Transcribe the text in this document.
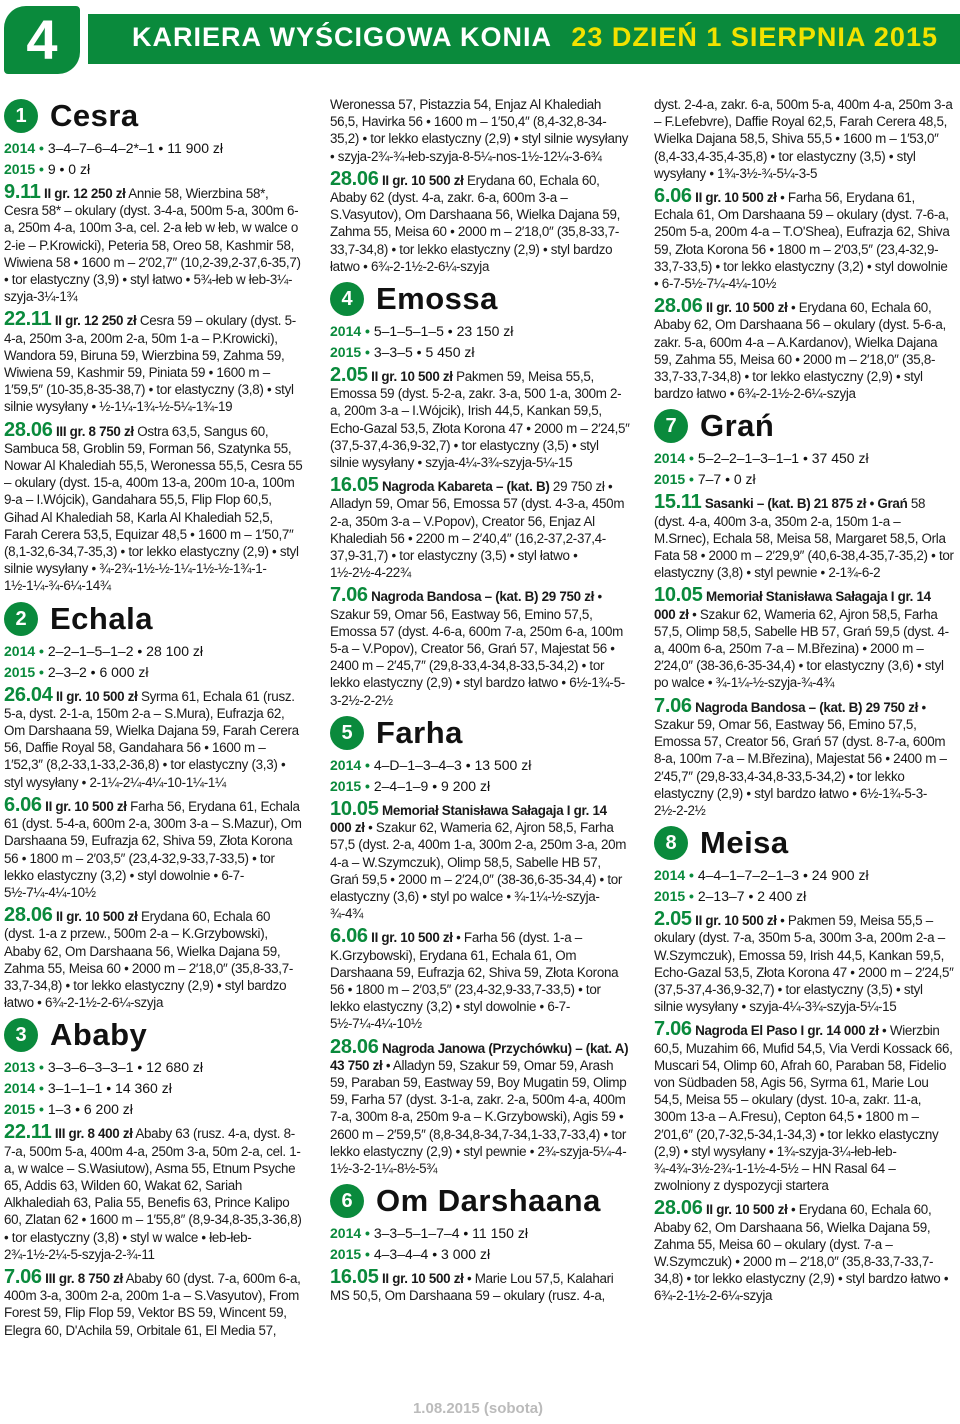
4	KARIERA WYŚCIGOWA KONIA 23 DZIEŃ 1 SIERPNIA 2015
1 Cesra
2014 • 3–4–7–6–4–2*–1 • 11 900 zł
2015 • 9 • 0 zł
9.11 II gr. 12 250 zł Annie 58, Wierzbina 58*, Cesra 58* – okulary (dyst. 3-4-a, 500m 5-a, 300m 6-a, 250m 4-a, 100m 3-a, cel. 2-a łeb w łeb, w walce o 2-ie – P.Krowicki), Peteria 58, Oreo 58, Kashmir 58, Wiwiena 58 • 1600 m – 2′02,7″ (10,2-39,2-37,6-35,7) • tor elastyczny (3,9) • styl łatwo • 5¾-łeb w łeb-3¼-szyja-3¼-1¾
22.11 II gr. 12 250 zł Cesra 59 – okulary (dyst. 5-4-a, 250m 3-a, 200m 2-a, 50m 1-a – P.Krowicki), Wandora 59, Biruna 59, Wierzbina 59, Zahma 59, Wiwiena 59, Kashmir 59, Piniata 59 • 1600 m – 1′59,5″ (10-35,8-35-38,7) • tor elastyczny (3,8) • styl silnie wysyłany • ½-1¼-1¾-½-5¼-1¾-19
28.06 III gr. 8 750 zł Ostra 63,5, Sangus 60, Sambuca 58, Groblin 59, Forman 56, Szatynka 55, Nowar Al Khalediah 55,5, Weronessa 55,5, Cesra 55 – okulary (dyst. 15-a, 400m 13-a, 200m 10-a, 100m 9-a – I.Wójcik), Gandahara 55,5, Flip Flop 60,5, Gihad Al Khalediah 58, Karla Al Khalediah 52,5, Farah Cerera 53,5, Equizar 48,5 • 1600 m – 1′50,7″ (8,1-32,6-34,7-35,3) • tor lekko elastyczny (2,9) • styl silnie wysyłany • ¾-2¾-1½-½-1¼-1½-½-1¾-1-1½-1¼-¾-6¼-14¾
2 Echala
2014 • 2–2–1–5–1–2 • 28 100 zł
2015 • 2–3–2 • 6 000 zł
26.04 II gr. 10 500 zł Syrma 61, Echala 61 (rusz. 5-a, dyst. 2-1-a, 150m 2-a – S.Mura), Eufrazja 62, Om Darshaana 59, Wielka Dajana 59, Farah Cerera 56, Daffie Royal 58, Gandahara 56 • 1600 m – 1′52,3″ (8,2-33,1-33,2-36,8) • tor elastyczny (3,3) • styl wysyłany • 2-1¼-2¼-4¼-10-1¼-1¼
6.06 II gr. 10 500 zł Farha 56, Erydana 61, Echala 61 (dyst. 5-4-a, 600m 2-a, 300m 3-a – S.Mazur), Om Darshaana 59, Eufrazja 62, Shiva 59, Złota Korona 56 • 1800 m – 2′03,5″ (23,4-32,9-33,7-33,5) • tor lekko elastyczny (3,2) • styl dowolnie • 6-7-5½-7¼-4¼-10½
28.06 II gr. 10 500 zł Erydana 60, Echala 60 (dyst. 1-a z przew., 500m 2-a – K.Grzybowski), Ababy 62, Om Darshaana 56, Wielka Dajana 59, Zahma 55, Meisa 60 • 2000 m – 2′18,0″ (35,8-33,7-33,7-34,8) • tor lekko elastyczny (2,9) • styl bardzo łatwo • 6¾-2-1½-2-6¼-szyja
3 Ababy
2013 • 3–3–6–3–3–1 • 12 680 zł
2014 • 3–1–1–1 • 14 360 zł
2015 • 1–3 • 6 200 zł
22.11 III gr. 8 400 zł Ababy 63 (rusz. 4-a, dyst. 8-7-a, 500m 5-a, 400m 4-a, 250m 3-a, 50m 2-a, cel. 1-a, w walce – S.Wasiutow), Asma 55, Etnum Psyche 65, Addis 63, Wilden 60, Wakat 62, Sariah Alkhalediah 63, Palia 55, Benefis 63, Prince Kalipo 60, Zlatan 62 • 1600 m – 1′55,8″ (8,9-34,8-35,3-36,8) • tor elastyczny (3,8) • styl w walce • łeb-łeb-2¾-1½-2¼-5-szyja-2-¾-11
7.06 III gr. 8 750 zł Ababy 60 (dyst. 7-a, 600m 6-a, 400m 3-a, 300m 2-a, 200m 1-a – S.Vasyutov), From Forest 59, Flip Flop 59, Vektor BS 59, Wincent 59, Elegra 60, D'Achila 59, Orbitale 61, El Media 57,
Weronessa 57, Pistazzia 54, Enjaz Al Khalediah 56,5, Havirka 56 • 1600 m – 1′50,4″ (8,4-32,8-34-35,2) • tor lekko elastyczny (2,9) • styl silnie wysyłany • szyja-2¾-¾-łeb-szyja-8-5¼-nos-1½-12¼-3-6¾
28.06 II gr. 10 500 zł Erydana 60, Echala 60, Ababy 62 (dyst. 4-a, zakr. 6-a, 600m 3-a – S.Vasyutov), Om Darshaana 56, Wielka Dajana 59, Zahma 55, Meisa 60 • 2000 m – 2′18,0″ (35,8-33,7-33,7-34,8) • tor lekko elastyczny (2,9) • styl bardzo łatwo • 6¾-2-1½-2-6¼-szyja
4 Emossa
2014 • 5–1–5–1–5 • 23 150 zł
2015 • 3–3–5 • 5 450 zł
2.05 II gr. 10 500 zł Pakmen 59, Meisa 55,5, Emossa 59 (dyst. 5-2-a, zakr. 3-a, 500 1-a, 300m 2-a, 200m 3-a – I.Wójcik), Irish 44,5, Kankan 59,5, Echo-Gazal 53,5, Złota Korona 47 • 2000 m – 2′24,5″ (37,5-37,4-36,9-32,7) • tor elastyczny (3,5) • styl silnie wysyłany • szyja-4¼-3¾-szyja-5¼-15
16.05 Nagroda Kabareta – (kat. B) 29 750 zł • Alladyn 59, Omar 56, Emossa 57 (dyst. 4-3-a, 450m 2-a, 350m 3-a – V.Popov), Creator 56, Enjaz Al Khalediah 56 • 2200 m – 2′40,4″ (16,2-37,2-37,4-37,9-31,7) • tor elastyczny (3,5) • styl łatwo • 1½-2½-4-22¾
7.06 Nagroda Bandosa – (kat. B) 29 750 zł • Szakur 59, Omar 56, Eastway 56, Emino 57,5, Emossa 57 (dyst. 4-6-a, 600m 7-a, 250m 6-a, 100m 5-a – V.Popov), Creator 56, Grań 57, Majestat 56 • 2400 m – 2′45,7″ (29,8-33,4-34,8-33,5-34,2) • tor lekko elastyczny (2,9) • styl bardzo łatwo • 6½-1¾-5-3-2½-2-2½
5 Farha
2014 • 4–D–1–3–4–3 • 13 500 zł
2015 • 2–4–1–9 • 9 200 zł
10.05 Memoriał Stanisława Sałagaja I gr. 14 000 zł • Szakur 62, Wameria 62, Ajron 58,5, Farha 57,5 (dyst. 2-a, 400m 1-a, 300m 2-a, 250m 3-a, 20m 4-a – W.Szymczuk), Olimp 58,5, Sabelle HB 57, Grań 59,5 • 2000 m – 2′24,0″ (38-36,6-35-34,4) • tor elastyczny (3,6) • styl po walce • ¾-1¼-½-szyja-¾-4¾
6.06 II gr. 10 500 zł • Farha 56 (dyst. 1-a – K.Grzybowski), Erydana 61, Echala 61, Om Darshaana 59, Eufrazja 62, Shiva 59, Złota Korona 56 • 1800 m – 2′03,5″ (23,4-32,9-33,7-33,5) • tor lekko elastyczny (3,2) • styl dowolnie • 6-7-5½-7¼-4¼-10½
28.06 Nagroda Janowa (Przychówku) – (kat. A) 43 750 zł • Alladyn 59, Szakur 59, Omar 59, Arash 59, Paraban 59, Eastway 59, Boy Mugatin 59, Olimp 59, Farha 57 (dyst. 3-1-a, zakr. 2-a, 500m 4-a, 400m 7-a, 300m 8-a, 250m 9-a – K.Grzybowski), Agis 59 • 2600 m – 2′59,5″ (8,8-34,8-34,7-34,1-33,7-33,4) • tor lekko elastyczny (2,9) • styl pewnie • 2¾-szyja-5¼-4-1½-3-2-1¼-8½-5¾
6 Om Darshaana
2014 • 3–3–5–1–7–4 • 11 150 zł
2015 • 4–3–4–4 • 3 000 zł
16.05 II gr. 10 500 zł • Marie Lou 57,5, Kalahari MS 50,5, Om Darshaana 59 – okulary (rusz. 4-a,
dyst. 2-4-a, zakr. 6-a, 500m 5-a, 400m 4-a, 250m 3-a – F.Lefebvre), Daffie Royal 62,5, Farah Cerera 48,5, Wielka Dajana 58,5, Shiva 55,5 • 1600 m – 1′53,0″ (8,4-33,4-35,4-35,8) • tor elastyczny (3,5) • styl wysyłany • 1¾-3½-¾-5¼-3-5
6.06 II gr. 10 500 zł • Farha 56, Erydana 61, Echala 61, Om Darshaana 59 – okulary (dyst. 7-6-a, 250m 5-a, 200m 4-a – T.O'Shea), Eufrazja 62, Shiva 59, Złota Korona 56 • 1800 m – 2′03,5″ (23,4-32,9-33,7-33,5) • tor lekko elastyczny (3,2) • styl dowolnie • 6-7-5½-7¼-4¼-10½
28.06 II gr. 10 500 zł • Erydana 60, Echala 60, Ababy 62, Om Darshaana 56 – okulary (dyst. 5-6-a, zakr. 5-a, 600m 4-a – A.Kardanov), Wielka Dajana 59, Zahma 55, Meisa 60 • 2000 m – 2′18,0″ (35,8-33,7-33,7-34,8) • tor lekko elastyczny (2,9) • styl bardzo łatwo • 6¾-2-1½-2-6¼-szyja
7 Grań
2014 • 5–2–2–1–3–1–1 • 37 450 zł
2015 • 7–7 • 0 zł
15.11 Sasanki – (kat. B) 21 875 zł • Grań 58 (dyst. 4-a, 400m 3-a, 350m 2-a, 150m 1-a – M.Srnec), Echala 58, Meisa 58, Margaret 58,5, Orla Fata 58 • 2000 m – 2′29,9″ (40,6-38,4-35,7-35,2) • tor elastyczny (3,8) • styl pewnie • 2-1¾-6-2
10.05 Memoriał Stanisława Sałagaja I gr. 14 000 zł • Szakur 62, Wameria 62, Ajron 58,5, Farha 57,5, Olimp 58,5, Sabelle HB 57, Grań 59,5 (dyst. 4-a, 400m 6-a, 250m 7-a – M.Březina) • 2000 m – 2′24,0″ (38-36,6-35-34,4) • tor elastyczny (3,6) • styl po walce • ¾-1¼-½-szyja-¾-4¾
7.06 Nagroda Bandosa – (kat. B) 29 750 zł • Szakur 59, Omar 56, Eastway 56, Emino 57,5, Emossa 57, Creator 56, Grań 57 (dyst. 8-7-a, 600m 8-a, 100m 7-a – M.Březina), Majestat 56 • 2400 m – 2′45,7″ (29,8-33,4-34,8-33,5-34,2) • tor lekko elastyczny (2,9) • styl bardzo łatwo • 6½-1¾-5-3-2½-2-2½
8 Meisa
2014 • 4–4–1–7–2–1–3 • 24 900 zł
2015 • 2–13–7 • 2 400 zł
2.05 II gr. 10 500 zł • Pakmen 59, Meisa 55,5 – okulary (dyst. 7-a, 350m 5-a, 300m 3-a, 200m 2-a – W.Szymczuk), Emossa 59, Irish 44,5, Kankan 59,5, Echo-Gazal 53,5, Złota Korona 47 • 2000 m – 2′24,5″ (37,5-37,4-36,9-32,7) • tor elastyczny (3,5) • styl silnie wysyłany • szyja-4¼-3¾-szyja-5¼-15
7.06 Nagroda El Paso I gr. 14 000 zł • Wierzbin 60,5, Muzahim 66, Mufid 54,5, Via Verdi Kossack 66, Muscari 54, Olimp 60, Afrah 60, Paraban 58, Fidelio von Südbaden 58, Agis 56, Syrma 61, Marie Lou 54,5, Meisa 55 – okulary (dyst. 10-a, zakr. 11-a, 300m 13-a – A.Fresu), Cepton 64,5 • 1800 m – 2′01,6″ (20,7-32,5-34,1-34,3) • tor lekko elastyczny (2,9) • styl wysyłany • 1¾-szyja-3¼-łeb-łeb-¾-4¾-3½-2¾-1-1½-4-5½ – HN Rasal 64 – zwolniony z dyspozycji startera
28.06 II gr. 10 500 zł • Erydana 60, Echala 60, Ababy 62, Om Darshaana 56, Wielka Dajana 59, Zahma 55, Meisa 60 – okulary (dyst. 7-a – W.Szymczuk) • 2000 m – 2′18,0″ (35,8-33,7-33,7-34,8) • tor lekko elastyczny (2,9) • styl bardzo łatwo • 6¾-2-1½-2-6¼-szyja
1.08.2015 (sobota)
